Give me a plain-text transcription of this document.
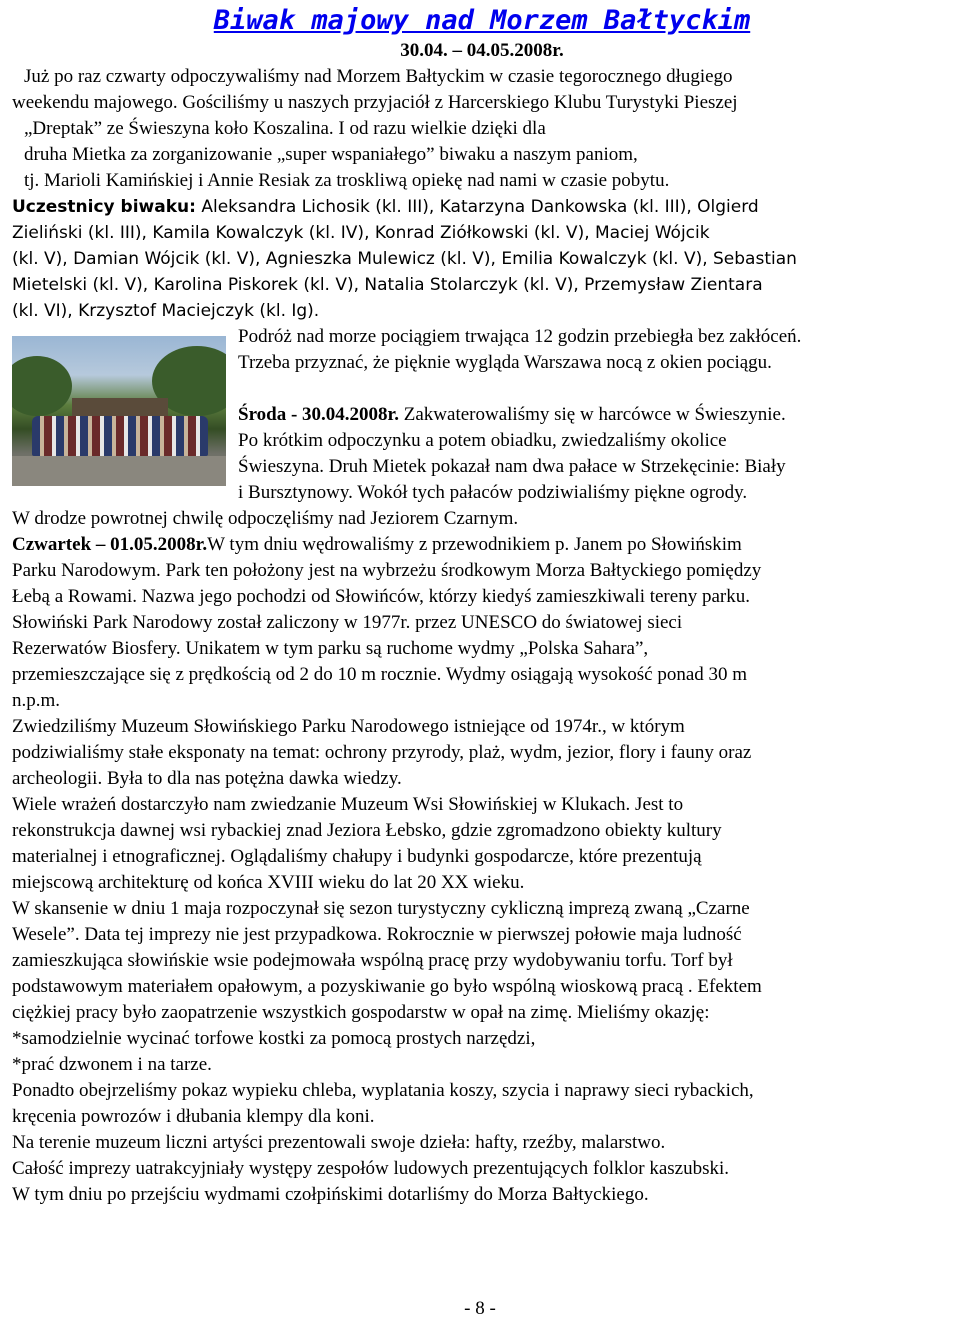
Biwak majowy nad Morzem Bałtyckim

30.04. – 04.05.2008r.

Już po raz czwarty odpoczywaliśmy nad Morzem Bałtyckim w czasie tegorocznego długiego

weekendu majowego. Gościliśmy u naszych przyjaciół z Harcerskiego Klubu Turystyki Pieszej

„Dreptak” ze Świeszyna koło Koszalina. I od razu wielkie dzięki dla

druha Mietka za zorganizowanie „super wspaniałego” biwaku a naszym paniom,

tj. Marioli Kamińskiej i Annie Resiak za troskliwą opiekę nad nami w czasie pobytu.

Uczestnicy biwaku: Aleksandra Lichosik (kl. III), Katarzyna Dankowska (kl. III), Olgierd

Zieliński (kl. III), Kamila Kowalczyk (kl. IV), Konrad Ziółkowski (kl. V), Maciej Wójcik

(kl. V), Damian Wójcik (kl. V), Agnieszka Mulewicz (kl. V), Emilia Kowalczyk (kl. V), Sebastian

Mietelski (kl. V), Karolina Piskorek (kl. V), Natalia Stolarczyk (kl. V), Przemysław Zientara

(kl. VI), Krzysztof Maciejczyk (kl. Ig).

Podróż nad morze pociągiem trwająca 12 godzin przebiegła bez zakłóceń.

Trzeba przyznać, że pięknie wygląda Warszawa nocą z okien pociągu.

Środa - 30.04.2008r. Zakwaterowaliśmy się w harcówce w Świeszynie.

Po krótkim odpoczynku a potem obiadku, zwiedzaliśmy okolice

Świeszyna. Druh Mietek pokazał nam dwa pałace w Strzekęcinie: Biały

i Bursztynowy. Wokół tych pałaców podziwialiśmy piękne ogrody.

W drodze powrotnej chwilę odpoczęliśmy nad Jeziorem Czarnym.

Czwartek – 01.05.2008r.W tym dniu wędrowaliśmy z przewodnikiem p. Janem po Słowińskim

Parku Narodowym. Park ten położony jest na wybrzeżu środkowym Morza Bałtyckiego pomiędzy

Łebą a Rowami. Nazwa jego pochodzi od Słowińców, którzy kiedyś zamieszkiwali tereny parku.

Słowiński Park Narodowy został zaliczony w 1977r. przez UNESCO do światowej sieci

Rezerwatów Biosfery. Unikatem w tym parku są ruchome wydmy „Polska Sahara”,

przemieszczające się z prędkością od 2 do 10 m rocznie. Wydmy osiągają wysokość ponad 30 m

n.p.m.

Zwiedziliśmy Muzeum Słowińskiego Parku Narodowego istniejące od 1974r., w którym

podziwialiśmy stałe eksponaty na temat: ochrony przyrody, plaż, wydm, jezior, flory i fauny oraz

archeologii. Była to dla nas potężna dawka wiedzy.

Wiele wrażeń dostarczyło nam zwiedzanie Muzeum Wsi Słowińskiej w Klukach. Jest to

rekonstrukcja dawnej wsi rybackiej znad Jeziora Łebsko, gdzie zgromadzono obiekty kultury

materialnej i etnograficznej. Oglądaliśmy chałupy i budynki gospodarcze, które prezentują

miejscową architekturę od końca XVIII wieku do lat 20 XX wieku.

W skansenie w dniu 1 maja rozpoczynał się sezon turystyczny cykliczną imprezą zwaną „Czarne

Wesele”. Data tej imprezy nie jest przypadkowa. Rokrocznie w pierwszej połowie maja ludność

zamieszkująca słowińskie wsie podejmowała wspólną pracę przy wydobywaniu torfu. Torf był

podstawowym materiałem opałowym, a pozyskiwanie go było wspólną wioskową pracą . Efektem

ciężkiej pracy było zaopatrzenie wszystkich gospodarstw w opał na zimę. Mieliśmy okazję:

*samodzielnie wycinać torfowe kostki za pomocą prostych narzędzi,

*prać dzwonem i na tarze.

Ponadto obejrzeliśmy pokaz wypieku chleba, wyplatania koszy, szycia i naprawy sieci rybackich,

kręcenia powrozów i dłubania klempy dla koni.

Na terenie muzeum liczni artyści prezentowali swoje dzieła: hafty, rzeźby, malarstwo.

Całość imprezy uatrakcyjniały występy zespołów ludowych prezentujących folklor kaszubski.

W tym dniu po przejściu wydmami czołpińskimi dotarliśmy do Morza Bałtyckiego.

- 8 -
